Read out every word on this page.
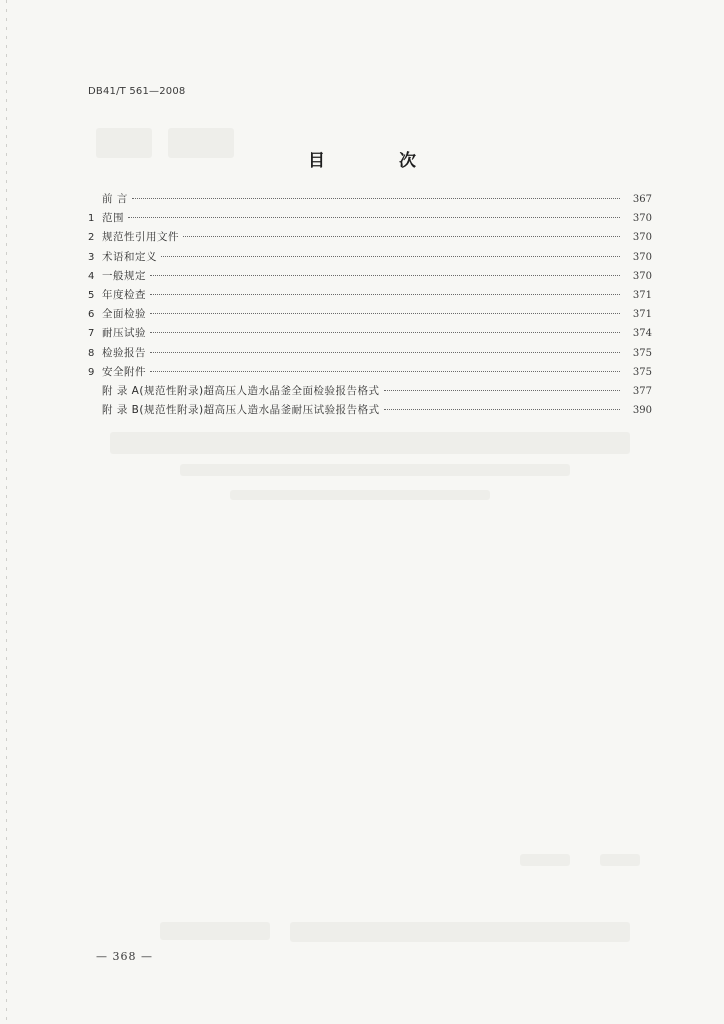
DB41/T 561—2008
目 次
前 言	367
1 范围	370
2 规范性引用文件	370
3 术语和定义	370
4 一般规定	370
5 年度检查	371
6 全面检验	371
7 耐压试验	374
8 检验报告	375
9 安全附件	375
附 录 A(规范性附录)超高压人造水晶釜全面检验报告格式	377
附 录 B(规范性附录)超高压人造水晶釜耐压试验报告格式	390
— 368 —
